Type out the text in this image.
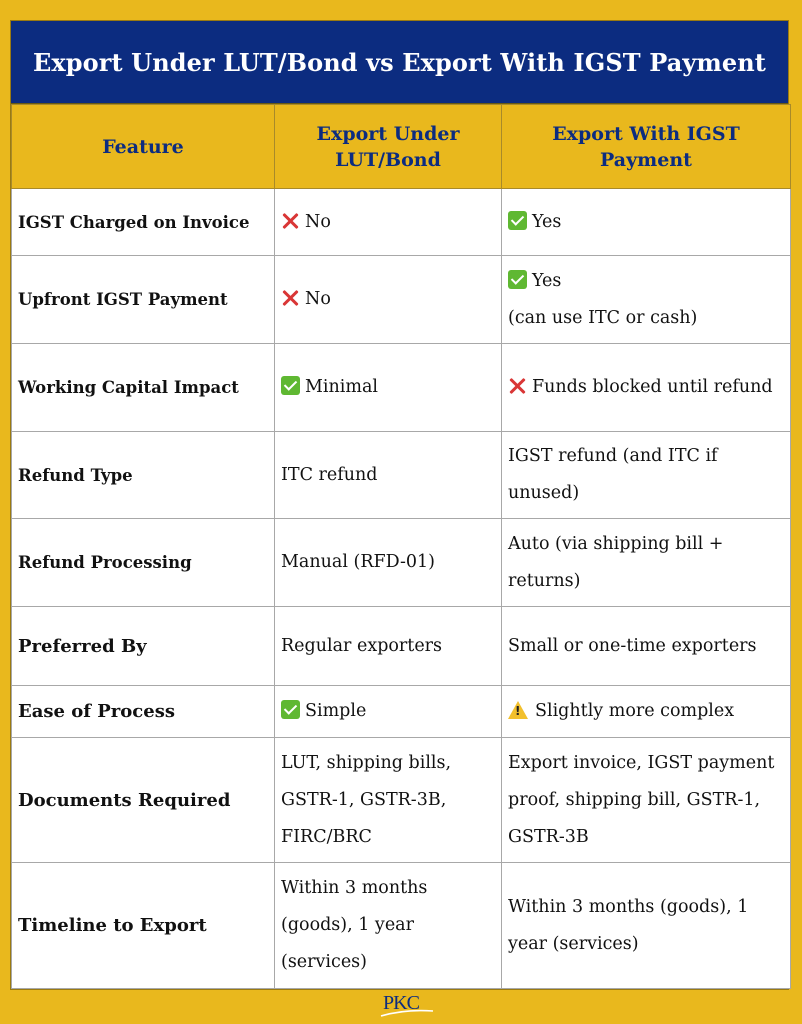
Export Under LUT/Bond vs Export With IGST Payment
Feature	Export Under LUT/Bond	Export With IGST Payment
IGST Charged on Invoice	No	Yes
Upfront IGST Payment	No	Yes
(can use ITC or cash)
Working Capital Impact	Minimal	Funds blocked until refund
Refund Type	ITC refund	IGST refund (and ITC if unused)
Refund Processing	Manual (RFD-01)	Auto (via shipping bill + returns)
Preferred By	Regular exporters	Small or one-time exporters
Ease of Process	Simple	!Slightly more complex
Documents Required	LUT, shipping bills, GSTR-1, GSTR-3B, FIRC/BRC	Export invoice, IGST payment proof, shipping bill, GSTR-1, GSTR-3B
Timeline to Export	Within 3 months (goods), 1 year (services)	Within 3 months (goods), 1 year (services)
PKC
